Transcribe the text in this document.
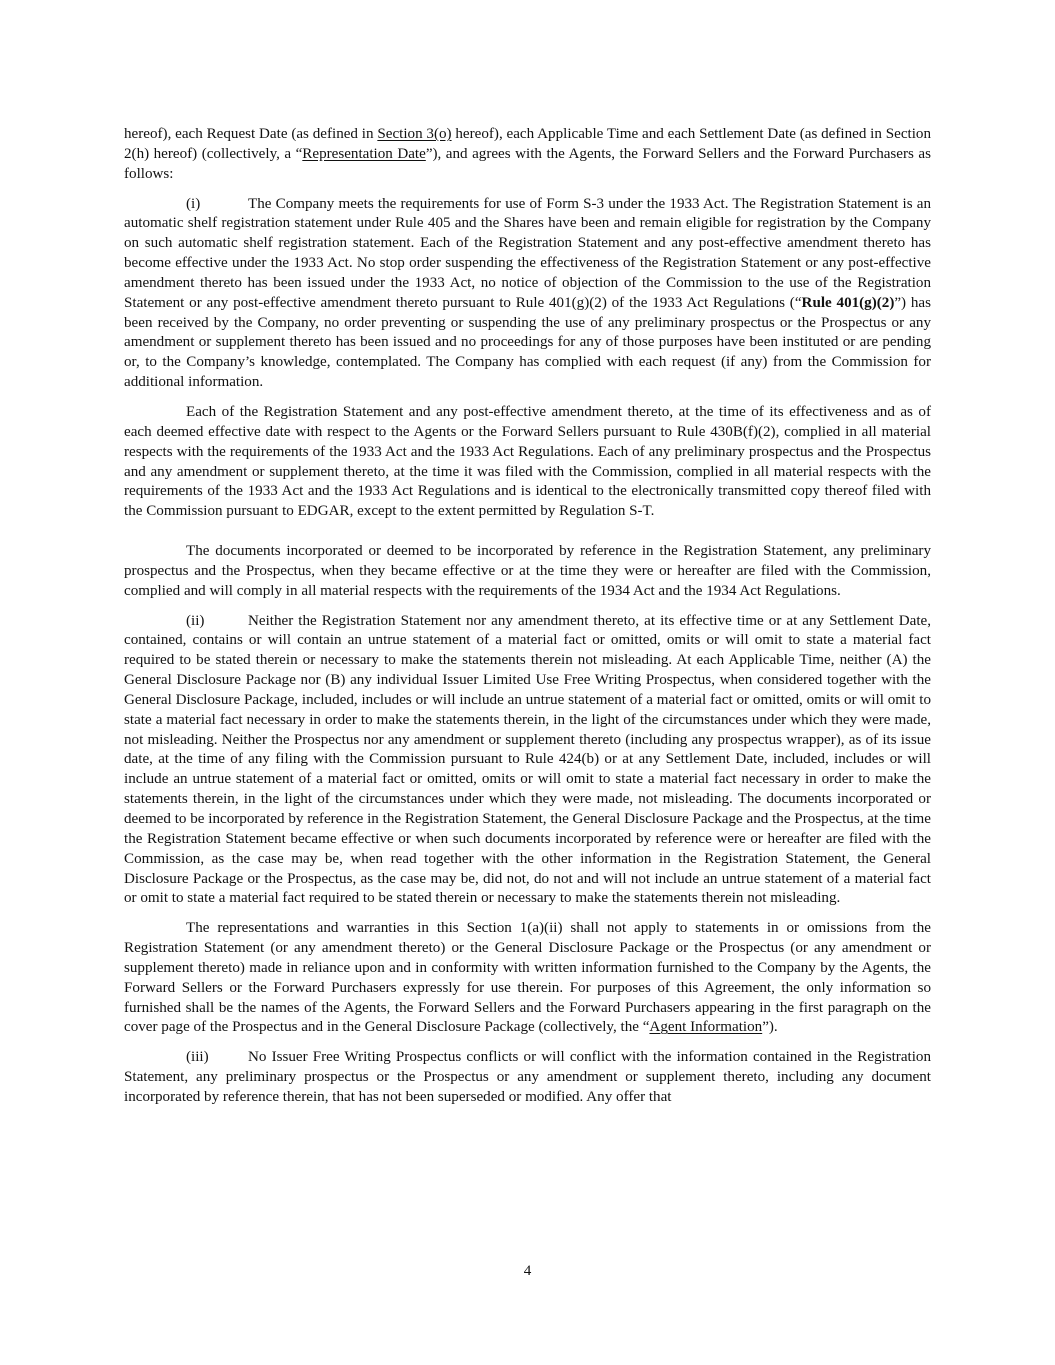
hereof), each Request Date (as defined in Section 3(o) hereof), each Applicable Time and each Settlement Date (as defined in Section 2(h) hereof) (collectively, a “Representation Date”), and agrees with the Agents, the Forward Sellers and the Forward Purchasers as follows:

(i)	The Company meets the requirements for use of Form S-3 under the 1933 Act. The Registration Statement is an automatic shelf registration statement under Rule 405 and the Shares have been and remain eligible for registration by the Company on such automatic shelf registration statement. Each of the Registration Statement and any post-effective amendment thereto has become effective under the 1933 Act. No stop order suspending the effectiveness of the Registration Statement or any post-effective amendment thereto has been issued under the 1933 Act, no notice of objection of the Commission to the use of the Registration Statement or any post-effective amendment thereto pursuant to Rule 401(g)(2) of the 1933 Act Regulations (“Rule 401(g)(2)”) has been received by the Company, no order preventing or suspending the use of any preliminary prospectus or the Prospectus or any amendment or supplement thereto has been issued and no proceedings for any of those purposes have been instituted or are pending or, to the Company’s knowledge, contemplated. The Company has complied with each request (if any) from the Commission for additional information.

Each of the Registration Statement and any post-effective amendment thereto, at the time of its effectiveness and as of each deemed effective date with respect to the Agents or the Forward Sellers pursuant to Rule 430B(f)(2), complied in all material respects with the requirements of the 1933 Act and the 1933 Act Regulations. Each of any preliminary prospectus and the Prospectus and any amendment or supplement thereto, at the time it was filed with the Commission, complied in all material respects with the requirements of the 1933 Act and the 1933 Act Regulations and is identical to the electronically transmitted copy thereof filed with the Commission pursuant to EDGAR, except to the extent permitted by Regulation S-T.

The documents incorporated or deemed to be incorporated by reference in the Registration Statement, any preliminary prospectus and the Prospectus, when they became effective or at the time they were or hereafter are filed with the Commission, complied and will comply in all material respects with the requirements of the 1934 Act and the 1934 Act Regulations.

(ii)	Neither the Registration Statement nor any amendment thereto, at its effective time or at any Settlement Date, contained, contains or will contain an untrue statement of a material fact or omitted, omits or will omit to state a material fact required to be stated therein or necessary to make the statements therein not misleading. At each Applicable Time, neither (A) the General Disclosure Package nor (B) any individual Issuer Limited Use Free Writing Prospectus, when considered together with the General Disclosure Package, included, includes or will include an untrue statement of a material fact or omitted, omits or will omit to state a material fact necessary in order to make the statements therein, in the light of the circumstances under which they were made, not misleading. Neither the Prospectus nor any amendment or supplement thereto (including any prospectus wrapper), as of its issue date, at the time of any filing with the Commission pursuant to Rule 424(b) or at any Settlement Date, included, includes or will include an untrue statement of a material fact or omitted, omits or will omit to state a material fact necessary in order to make the statements therein, in the light of the circumstances under which they were made, not misleading. The documents incorporated or deemed to be incorporated by reference in the Registration Statement, the General Disclosure Package and the Prospectus, at the time the Registration Statement became effective or when such documents incorporated by reference were or hereafter are filed with the Commission, as the case may be, when read together with the other information in the Registration Statement, the General Disclosure Package or the Prospectus, as the case may be, did not, do not and will not include an untrue statement of a material fact or omit to state a material fact required to be stated therein or necessary to make the statements therein not misleading.

The representations and warranties in this Section 1(a)(ii) shall not apply to statements in or omissions from the Registration Statement (or any amendment thereto) or the General Disclosure Package or the Prospectus (or any amendment or supplement thereto) made in reliance upon and in conformity with written information furnished to the Company by the Agents, the Forward Sellers or the Forward Purchasers expressly for use therein. For purposes of this Agreement, the only information so furnished shall be the names of the Agents, the Forward Sellers and the Forward Purchasers appearing in the first paragraph on the cover page of the Prospectus and in the General Disclosure Package (collectively, the “Agent Information”).

(iii)	No Issuer Free Writing Prospectus conflicts or will conflict with the information contained in the Registration Statement, any preliminary prospectus or the Prospectus or any amendment or supplement thereto, including any document incorporated by reference therein, that has not been superseded or modified. Any offer that

4
